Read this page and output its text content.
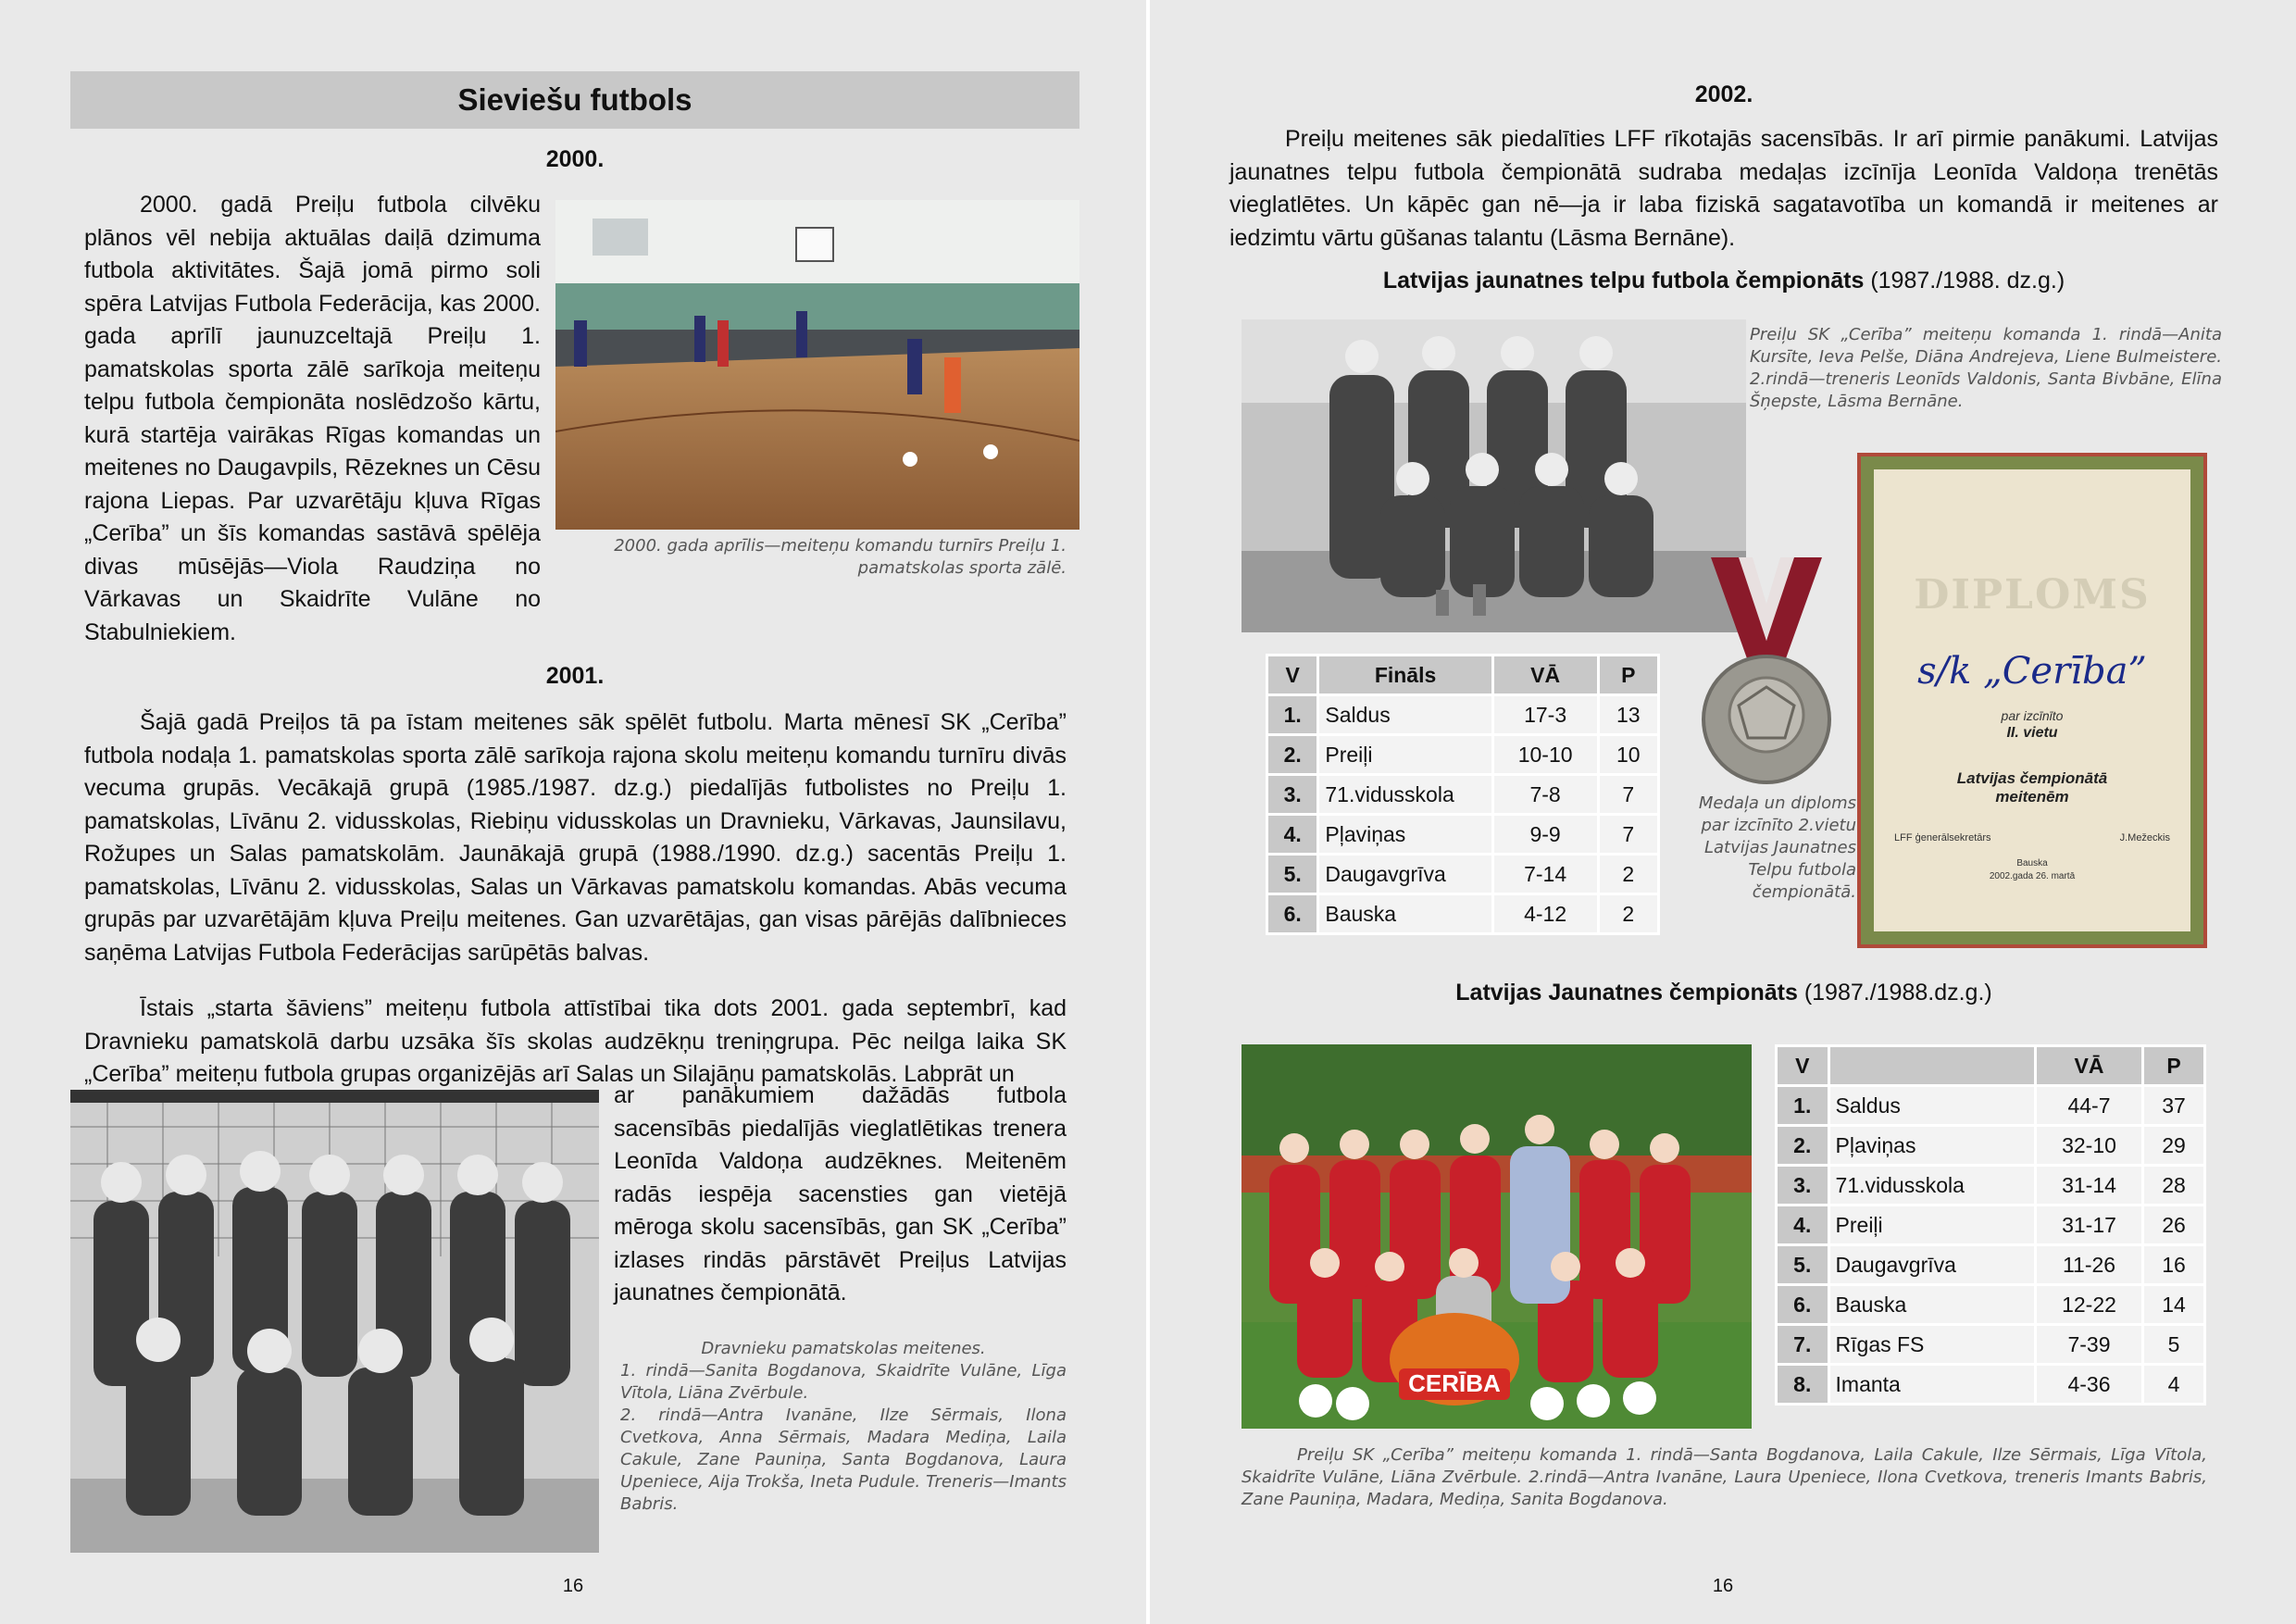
Sieviešu futbols
2000.
2000. gadā Preiļu futbola cilvēku plānos vēl nebija aktuālas daiļā dzimuma futbola aktivitātes. Šajā jomā pirmo soli spēra Latvijas Futbola Federācija, kas 2000. gada aprīlī jaunuzceltajā Preiļu 1. pamatskolas sporta zālē sarīkoja meiteņu telpu futbola čempionāta noslēdzošo kārtu, kurā startēja vairākas Rīgas komandas un meitenes no Daugavpils, Rēzeknes un Cēsu rajona Liepas. Par uzvarētāju kļuva Rīgas „Cerība” un šīs komandas sastāvā spēlēja divas mūsējās—Viola Raudziņa no Vārkavas un Skaidrīte Vulāne no Stabulniekiem.
2000. gada aprīlis—meiteņu komandu turnīrs Preiļu 1. pamatskolas sporta zālē.
2001.
Šajā gadā Preiļos tā pa īstam meitenes sāk spēlēt futbolu. Marta mēnesī SK „Cerība” futbola nodaļa 1. pamatskolas sporta zālē sarīkoja rajona skolu meiteņu komandu turnīru divās vecuma grupās. Vecākajā grupā (1985./1987. dz.g.) piedalījās futbolistes no Preiļu 1. pamatskolas, Līvānu 2. vidusskolas, Riebiņu vidusskolas un Dravnieku, Vārkavas, Jaunsilavu, Rožupes un Salas pamatskolām. Jaunākajā grupā (1988./1990. dz.g.) sacentās Preiļu 1. pamatskolas, Līvānu 2. vidusskolas, Salas un Vārkavas pamatskolu komandas. Abās vecuma grupās par uzvarētājām kļuva Preiļu meitenes. Gan uzvarētājas, gan visas pārējās dalībnieces saņēma Latvijas Futbola Federācijas sarūpētās balvas.
Īstais „starta šāviens” meiteņu futbola attīstībai tika dots 2001. gada septembrī, kad Dravnieku pamatskolā darbu uzsāka šīs skolas audzēkņu treniņgrupa. Pēc neilga laika SK „Cerība” meiteņu futbola grupas organizējās arī Salas un Silajāņu pamatskolās. Labprāt un
ar panākumiem dažādās futbola sacensībās piedalījās vieglatlētikas trenera Leonīda Valdoņa audzēknes. Meitenēm radās iespēja sacensties gan vietējā mēroga skolu sacensībās, gan SK „Cerība” izlases rindās pārstāvēt Preiļus Latvijas jaunatnes čempionātā.
Dravnieku pamatskolas meitenes.
1. rindā—Sanita Bogdanova, Skaidrīte Vulāne, Līga Vītola, Liāna Zvērbule.
2. rindā—Antra Ivanāne, Ilze Sērmais, Ilona Cvetkova, Anna Sērmais, Madara Mediņa, Laila Cakule, Zane Pauniņa, Santa Bogdanova, Laura Upeniece, Aija Trokša, Ineta Pudule. Treneris—Imants Babris.
16
2002.
Preiļu meitenes sāk piedalīties LFF rīkotajās sacensībās. Ir arī pirmie panākumi. Latvijas jaunatnes telpu futbola čempionātā sudraba medaļas izcīnīja Leonīda Valdoņa trenētās vieglatlētes. Un kāpēc gan nē—ja ir laba fiziskā sagatavotība un komandā ir meitenes ar iedzimtu vārtu gūšanas talantu (Lāsma Bernāne).
Latvijas jaunatnes telpu futbola čempionāts (1987./1988. dz.g.)
Preiļu SK „Cerība” meiteņu komanda 1. rindā—Anita Kursīte, Ieva Pelše, Diāna Andrejeva, Liene Bulmeistere. 2.rindā—treneris Leonīds Valdonis, Santa Bivbāne, Elīna Šņepste, Lāsma Bernāne.
Medaļa un diploms par izcīnīto 2.vietu Latvijas Jaunatnes Telpu futbola čempionātā.
DIPLOMS
s/k „Cerība”
par izcīnīto
II. vietu
Latvijas čempionātā
meitenēm
LFF ģenerālsekretārs	J.Mežeckis
Bauska
2002.gada 26. martā
V	Fināls	VĀ	P
1.	Saldus	17-3	13
2.	Preiļi	10-10	10
3.	71.vidusskola	7-8	7
4.	Pļaviņas	9-9	7
5.	Daugavgrīva	7-14	2
6.	Bauska	4-12	2
Latvijas Jaunatnes čempionāts (1987./1988.dz.g.)
CERĪBA
V		VĀ	P
1.	Saldus	44-7	37
2.	Pļaviņas	32-10	29
3.	71.vidusskola	31-14	28
4.	Preiļi	31-17	26
5.	Daugavgrīva	11-26	16
6.	Bauska	12-22	14
7.	Rīgas FS	7-39	5
8.	Imanta	4-36	4
Preiļu SK „Cerība” meiteņu komanda 1. rindā—Santa Bogdanova, Laila Cakule, Ilze Sērmais, Līga Vītola, Skaidrīte Vulāne, Liāna Zvērbule. 2.rindā—Antra Ivanāne, Laura Upeniece, Ilona Cvetkova, treneris Imants Babris, Zane Pauniņa, Madara, Mediņa, Sanita Bogdanova.
16
